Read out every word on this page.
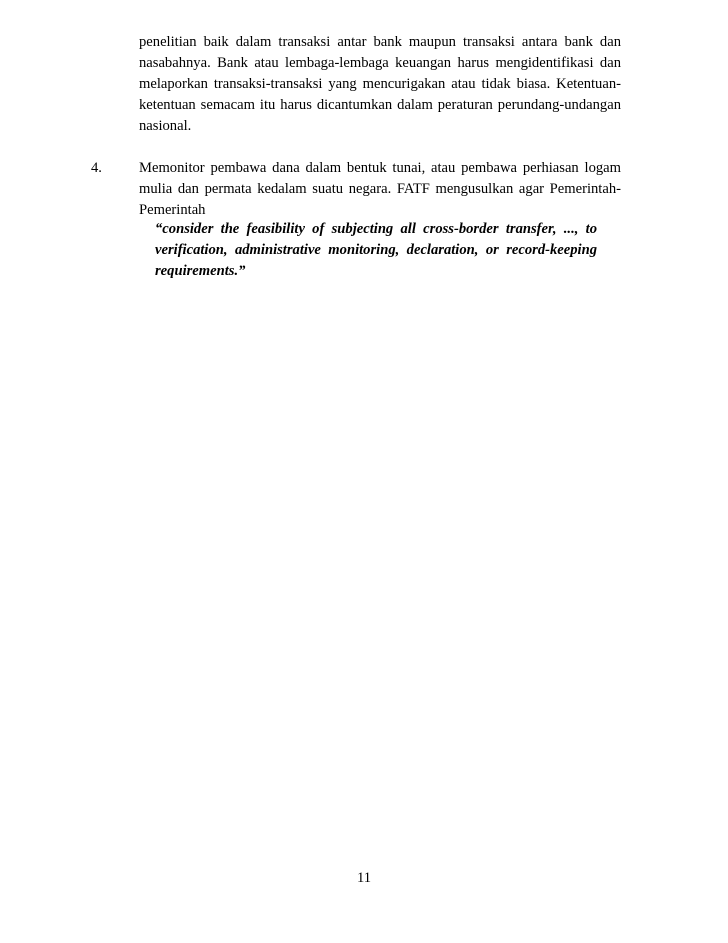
penelitian baik dalam transaksi antar bank maupun transaksi antara bank dan
nasabahnya. Bank atau lembaga-lembaga keuangan harus mengidentifikasi dan
melaporkan transaksi-transaksi yang mencurigakan atau tidak biasa. Ketentuan-
ketentuan semacam itu harus dicantumkan dalam peraturan perundang-undangan
nasional.
4.	Memonitor pembawa dana dalam bentuk tunai, atau pembawa perhiasan logam
mulia dan permata kedalam suatu negara. FATF mengusulkan agar Pemerintah-
Pemerintah
“consider the feasibility of subjecting all cross-border transfer, ..., to
verification, administrative monitoring, declaration, or record-keeping
requirements.”
11
